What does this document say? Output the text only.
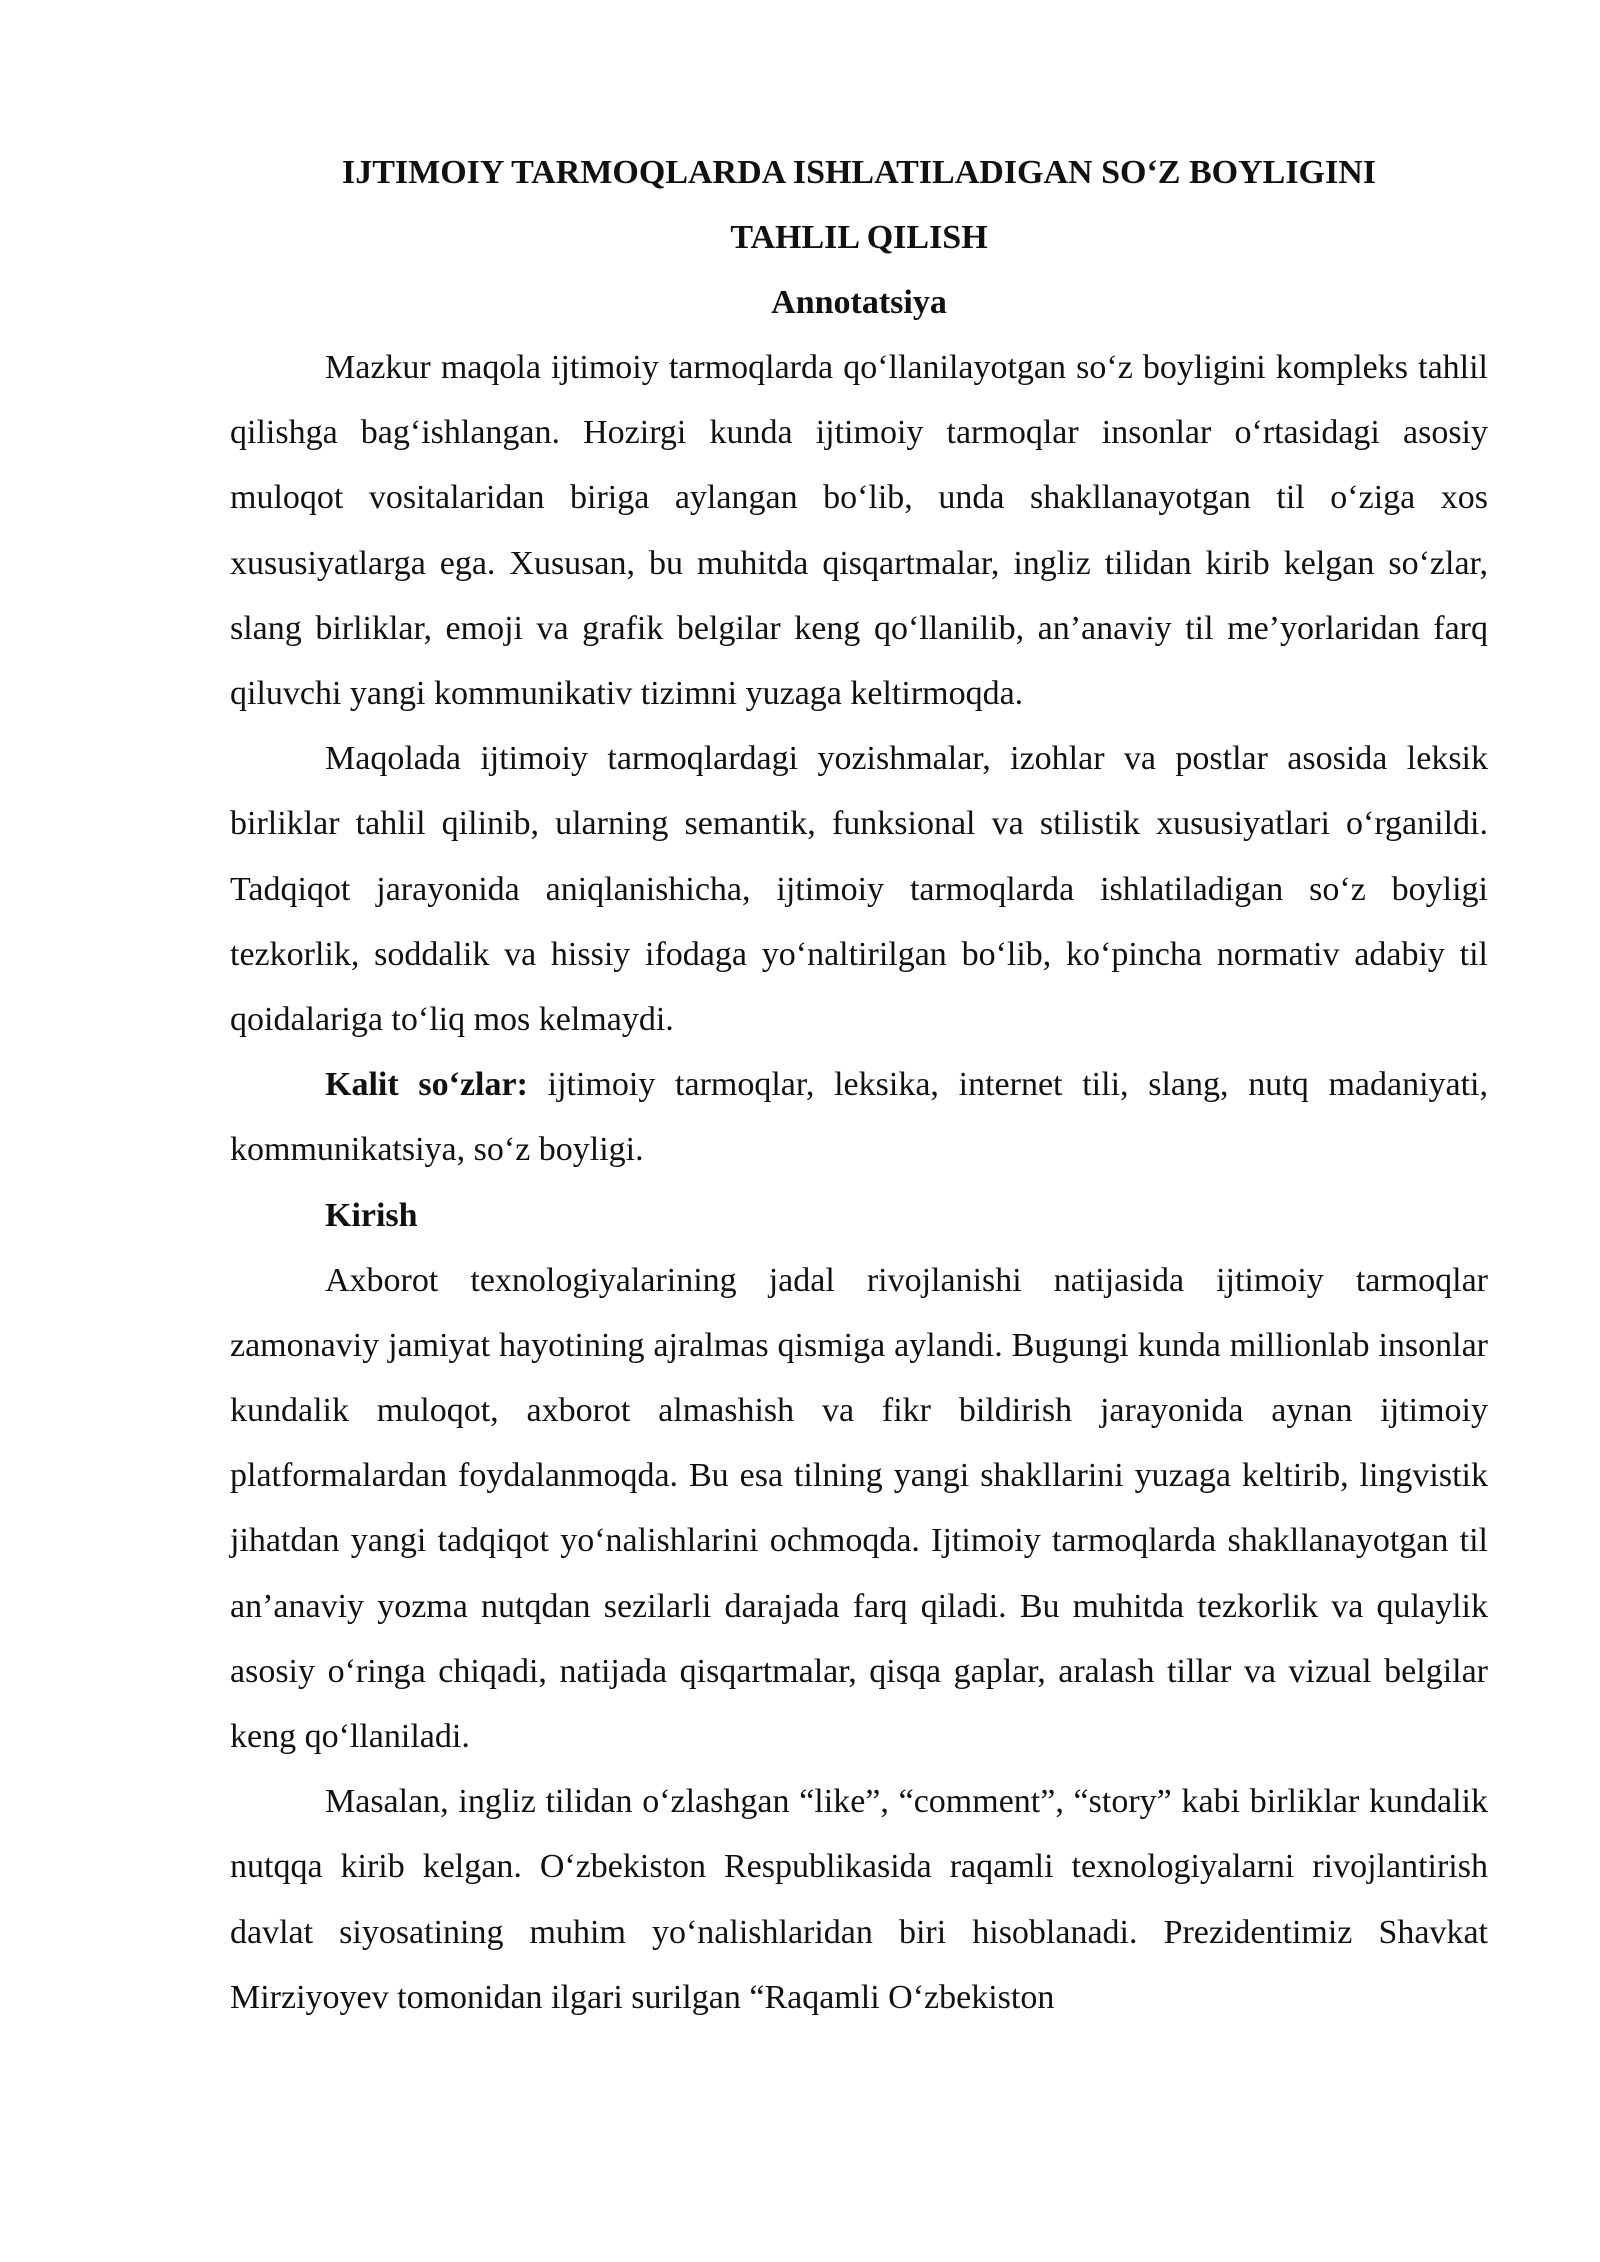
IJTIMOIY TARMOQLARDA ISHLATILADIGAN SO‘Z BOYLIGINI

TAHLIL QILISH

Annotatsiya

Mazkur maqola ijtimoiy tarmoqlarda qo‘llanilayotgan so‘z boyligini kompleks tahlil qilishga bag‘ishlangan. Hozirgi kunda ijtimoiy tarmoqlar insonlar o‘rtasidagi asosiy muloqot vositalaridan biriga aylangan bo‘lib, unda shakllanayotgan til o‘ziga xos xususiyatlarga ega. Xususan, bu muhitda qisqartmalar, ingliz tilidan kirib kelgan so‘zlar, slang birliklar, emoji va grafik belgilar keng qo‘llanilib, an’anaviy til me’yorlaridan farq qiluvchi yangi kommunikativ tizimni yuzaga keltirmoqda.

Maqolada ijtimoiy tarmoqlardagi yozishmalar, izohlar va postlar asosida leksik birliklar tahlil qilinib, ularning semantik, funksional va stilistik xususiyatlari o‘rganildi. Tadqiqot jarayonida aniqlanishicha, ijtimoiy tarmoqlarda ishlatiladigan so‘z boyligi tezkorlik, soddalik va hissiy ifodaga yo‘naltirilgan bo‘lib, ko‘pincha normativ adabiy til qoidalariga to‘liq mos kelmaydi.

Kalit so‘zlar: ijtimoiy tarmoqlar, leksika, internet tili, slang, nutq madaniyati, kommunikatsiya, so‘z boyligi.

Kirish

Axborot texnologiyalarining jadal rivojlanishi natijasida ijtimoiy tarmoqlar zamonaviy jamiyat hayotining ajralmas qismiga aylandi. Bugungi kunda millionlab insonlar kundalik muloqot, axborot almashish va fikr bildirish jarayonida aynan ijtimoiy platformalardan foydalanmoqda. Bu esa tilning yangi shakllarini yuzaga keltirib, lingvistik jihatdan yangi tadqiqot yo‘nalishlarini ochmoqda. Ijtimoiy tarmoqlarda shakllanayotgan til an’anaviy yozma nutqdan sezilarli darajada farq qiladi. Bu muhitda tezkorlik va qulaylik asosiy o‘ringa chiqadi, natijada qisqartmalar, qisqa gaplar, aralash tillar va vizual belgilar keng qo‘llaniladi.

Masalan, ingliz tilidan o‘zlashgan “like”, “comment”, “story” kabi birliklar kundalik nutqqa kirib kelgan. O‘zbekiston Respublikasida raqamli texnologiyalarni rivojlantirish davlat siyosatining muhim yo‘nalishlaridan biri hisoblanadi. Prezidentimiz Shavkat Mirziyoyev tomonidan ilgari surilgan “Raqamli O‘zbekiston
